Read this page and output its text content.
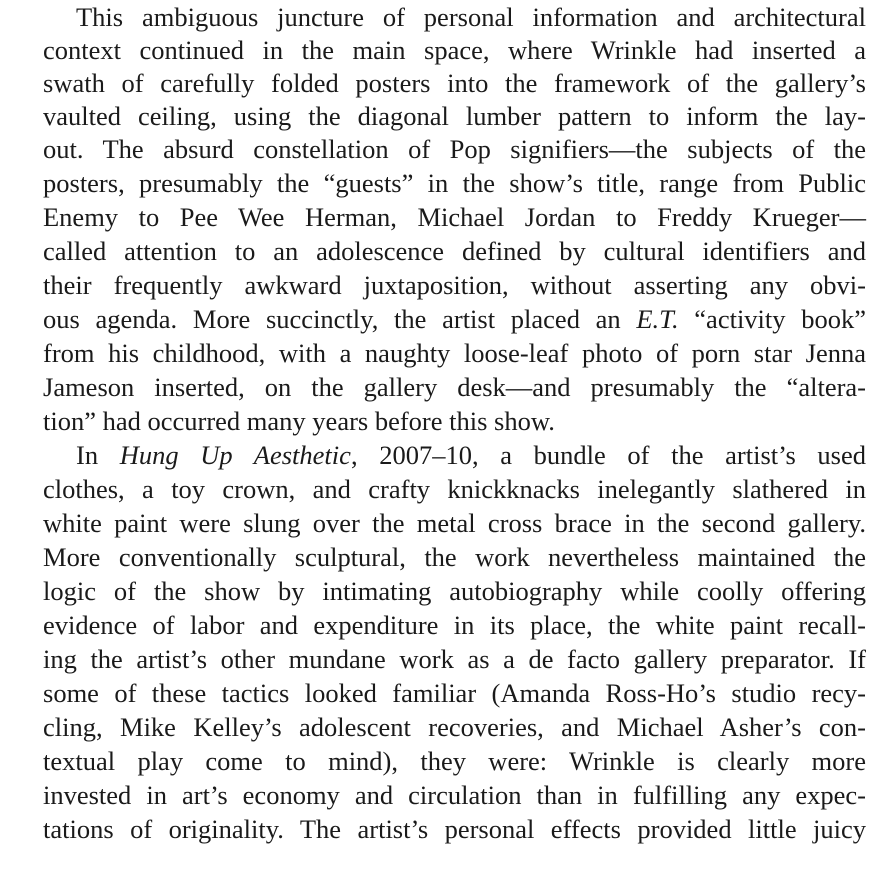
This ambiguous juncture of personal information and architectural
context continued in the main space, where Wrinkle had inserted a
swath of carefully folded posters into the framework of the gallery’s
vaulted ceiling, using the diagonal lumber pattern to inform the lay-
out. The absurd constellation of Pop signifiers—the subjects of the
posters, presumably the “guests” in the show’s title, range from Public
Enemy to Pee Wee Herman, Michael Jordan to Freddy Krueger—
called attention to an adolescence defined by cultural identifiers and
their frequently awkward juxtaposition, without asserting any obvi-
ous agenda. More succinctly, the artist placed an E.T. “activity book”
from his childhood, with a naughty loose-leaf photo of porn star Jenna
Jameson inserted, on the gallery desk—and presumably the “altera-
tion” had occurred many years before this show.
In Hung Up Aesthetic, 2007–10, a bundle of the artist’s used
clothes, a toy crown, and crafty knickknacks inelegantly slathered in
white paint were slung over the metal cross brace in the second gallery.
More conventionally sculptural, the work nevertheless maintained the
logic of the show by intimating autobiography while coolly offering
evidence of labor and expenditure in its place, the white paint recall-
ing the artist’s other mundane work as a de facto gallery preparator. If
some of these tactics looked familiar (Amanda Ross-Ho’s studio recy-
cling, Mike Kelley’s adolescent recoveries, and Michael Asher’s con-
textual play come to mind), they were: Wrinkle is clearly more
invested in art’s economy and circulation than in fulfilling any expec-
tations of originality. The artist’s personal effects provided little juicy
